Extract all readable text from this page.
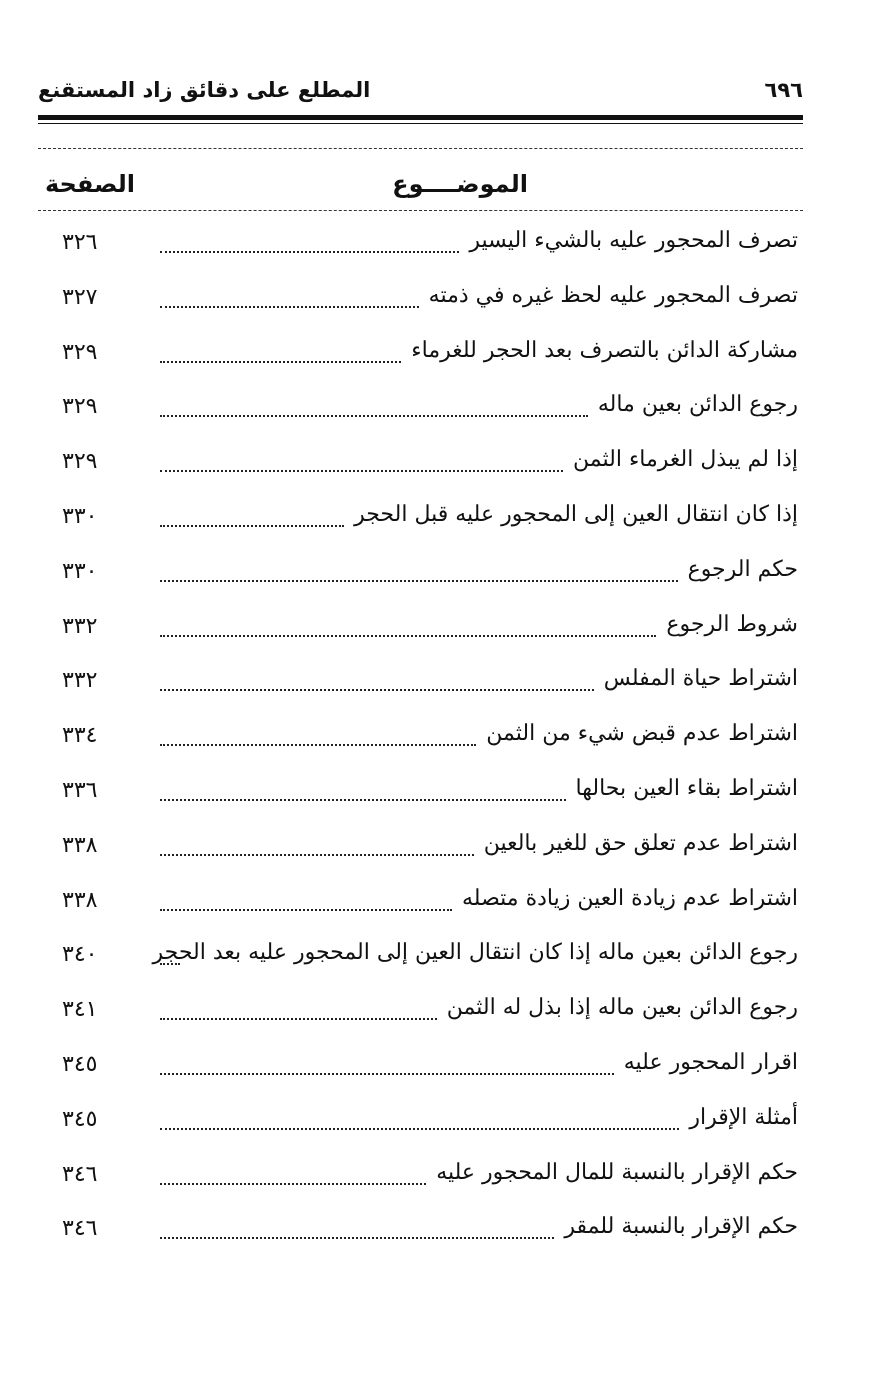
المطلع على دقائق زاد المستقنع	٦٩٦
الموضــــوع
الصفحة
تصرف المحجور عليه بالشيء اليسير
٣٢٦
تصرف المحجور عليه لحظ غيره في ذمته
٣٢٧
مشاركة الدائن بالتصرف بعد الحجر للغرماء
٣٢٩
رجوع الدائن بعين ماله
٣٢٩
إذا لم يبذل الغرماء الثمن
٣٢٩
إذا كان انتقال العين إلى المحجور عليه قبل الحجر
٣٣٠
حكم الرجوع
٣٣٠
شروط الرجوع
٣٣٢
اشتراط حياة المفلس
٣٣٢
اشتراط عدم قبض شيء من الثمن
٣٣٤
اشتراط بقاء العين بحالها
٣٣٦
اشتراط عدم تعلق حق للغير بالعين
٣٣٨
اشتراط عدم زيادة العين زيادة متصله
٣٣٨
رجوع الدائن بعين ماله إذا كان انتقال العين إلى المحجور عليه بعد الحجر
٣٤٠
رجوع الدائن بعين ماله إذا بذل له الثمن
٣٤١
اقرار المحجور عليه
٣٤٥
أمثلة الإقرار
٣٤٥
حكم الإقرار بالنسبة للمال المحجور عليه
٣٤٦
حكم الإقرار بالنسبة للمقر
٣٤٦
